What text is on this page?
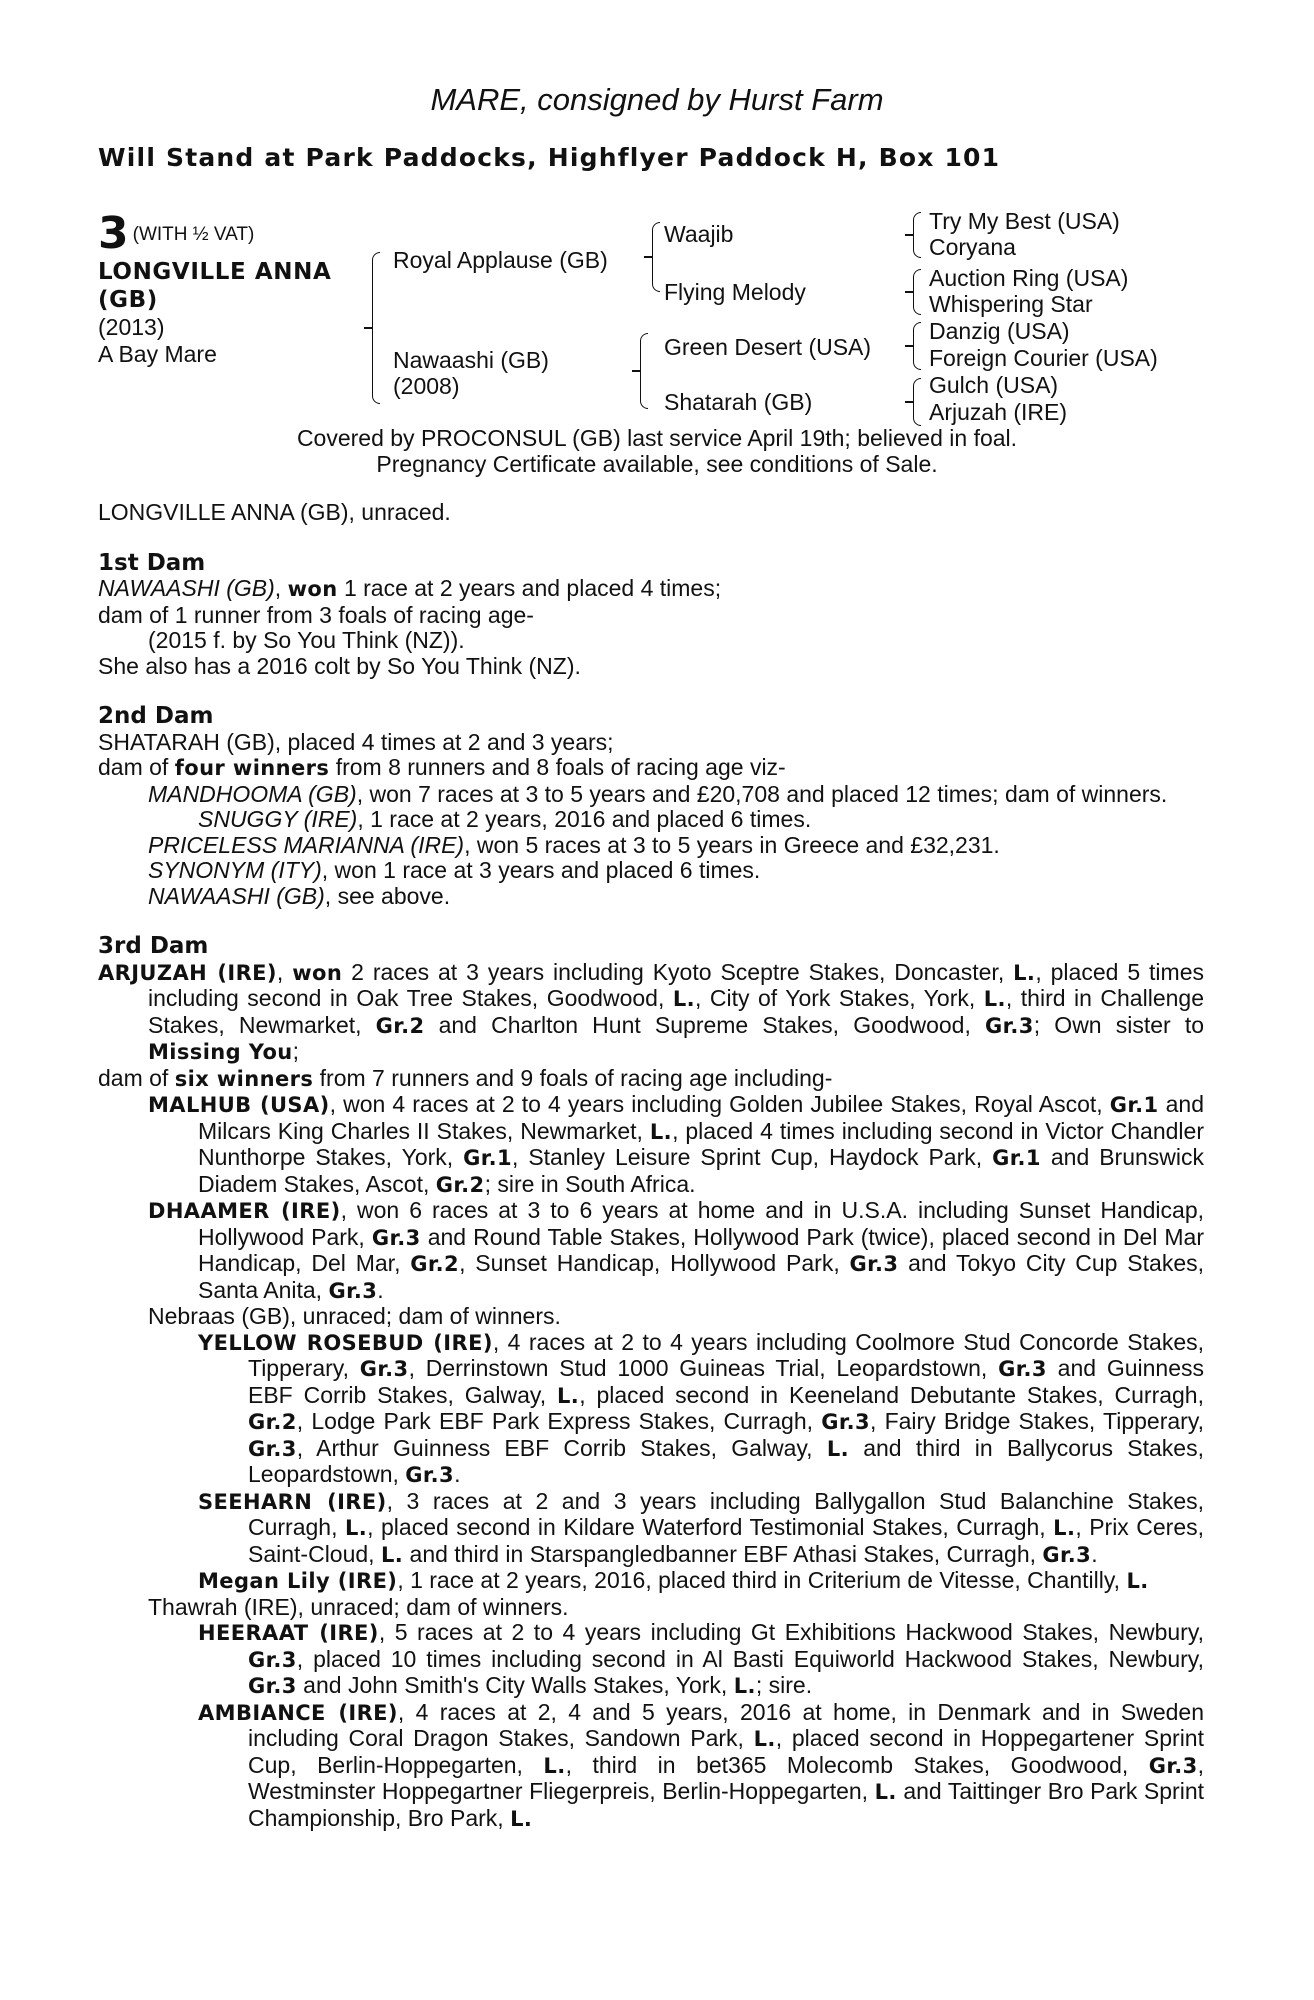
MARE, consigned by Hurst Farm
Will Stand at Park Paddocks, Highflyer Paddock H, Box 101
3 $^{(WITH \frac{1}{2} VAT)}$
LONGVILLE ANNA
(GB)
(2013)
A Bay Mare
Royal Applause (GB)
Nawaashi (GB)
(2008)
Waajib
Flying Melody
Green Desert (USA)
Shatarah (GB)
Try My Best (USA)
Coryana
Auction Ring (USA)
Whispering Star
Danzig (USA)
Foreign Courier (USA)
Gulch (USA)
Arjuzah (IRE)
Covered by PROCONSUL (GB) last service April 19th; believed in foal.
Pregnancy Certificate available, see conditions of Sale.

LONGVILLE ANNA (GB), unraced.

1st Dam

NAWAASHI (GB), won 1 race at 2 years and placed 4 times;

dam of 1 runner from 3 foals of racing age-

(2015 f. by So You Think (NZ)).

She also has a 2016 colt by So You Think (NZ).

2nd Dam

SHATARAH (GB), placed 4 times at 2 and 3 years;

dam of four winners from 8 runners and 8 foals of racing age viz-

MANDHOOMA (GB), won 7 races at 3 to 5 years and £20,708 and placed 12 times; dam of winners.

SNUGGY (IRE), 1 race at 2 years, 2016 and placed 6 times.

PRICELESS MARIANNA (IRE), won 5 races at 3 to 5 years in Greece and £32,231.

SYNONYM (ITY), won 1 race at 3 years and placed 6 times.

NAWAASHI (GB), see above.

3rd Dam

ARJUZAH (IRE), won 2 races at 3 years including Kyoto Sceptre Stakes, Doncaster, L., placed 5 times including second in Oak Tree Stakes, Goodwood, L., City of York Stakes, York, L., third in Challenge Stakes, Newmarket, Gr.2 and Charlton Hunt Supreme Stakes, Goodwood, Gr.3; Own sister to Missing You;

dam of six winners from 7 runners and 9 foals of racing age including-

MALHUB (USA), won 4 races at 2 to 4 years including Golden Jubilee Stakes, Royal Ascot, Gr.1 and Milcars King Charles II Stakes, Newmarket, L., placed 4 times including second in Victor Chandler Nunthorpe Stakes, York, Gr.1, Stanley Leisure Sprint Cup, Haydock Park, Gr.1 and Brunswick Diadem Stakes, Ascot, Gr.2; sire in South Africa.

DHAAMER (IRE), won 6 races at 3 to 6 years at home and in U.S.A. including Sunset Handicap, Hollywood Park, Gr.3 and Round Table Stakes, Hollywood Park (twice), placed second in Del Mar Handicap, Del Mar, Gr.2, Sunset Handicap, Hollywood Park, Gr.3 and Tokyo City Cup Stakes, Santa Anita, Gr.3.

Nebraas (GB), unraced; dam of winners.

YELLOW ROSEBUD (IRE), 4 races at 2 to 4 years including Coolmore Stud Concorde Stakes, Tipperary, Gr.3, Derrinstown Stud 1000 Guineas Trial, Leopardstown, Gr.3 and Guinness EBF Corrib Stakes, Galway, L., placed second in Keeneland Debutante Stakes, Curragh, Gr.2, Lodge Park EBF Park Express Stakes, Curragh, Gr.3, Fairy Bridge Stakes, Tipperary, Gr.3, Arthur Guinness EBF Corrib Stakes, Galway, L. and third in Ballycorus Stakes, Leopardstown, Gr.3.

SEEHARN (IRE), 3 races at 2 and 3 years including Ballygallon Stud Balanchine Stakes, Curragh, L., placed second in Kildare Waterford Testimonial Stakes, Curragh, L., Prix Ceres, Saint-Cloud, L. and third in Starspangledbanner EBF Athasi Stakes, Curragh, Gr.3.

Megan Lily (IRE), 1 race at 2 years, 2016, placed third in Criterium de Vitesse, Chantilly, L.

Thawrah (IRE), unraced; dam of winners.

HEERAAT (IRE), 5 races at 2 to 4 years including Gt Exhibitions Hackwood Stakes, Newbury, Gr.3, placed 10 times including second in Al Basti Equiworld Hackwood Stakes, Newbury, Gr.3 and John Smith's City Walls Stakes, York, L.; sire.

AMBIANCE (IRE), 4 races at 2, 4 and 5 years, 2016 at home, in Denmark and in Sweden including Coral Dragon Stakes, Sandown Park, L., placed second in Hoppegartener Sprint Cup, Berlin-Hoppegarten, L., third in bet365 Molecomb Stakes, Goodwood, Gr.3, Westminster Hoppegartner Fliegerpreis, Berlin-Hoppegarten, L. and Taittinger Bro Park Sprint Championship, Bro Park, L.
